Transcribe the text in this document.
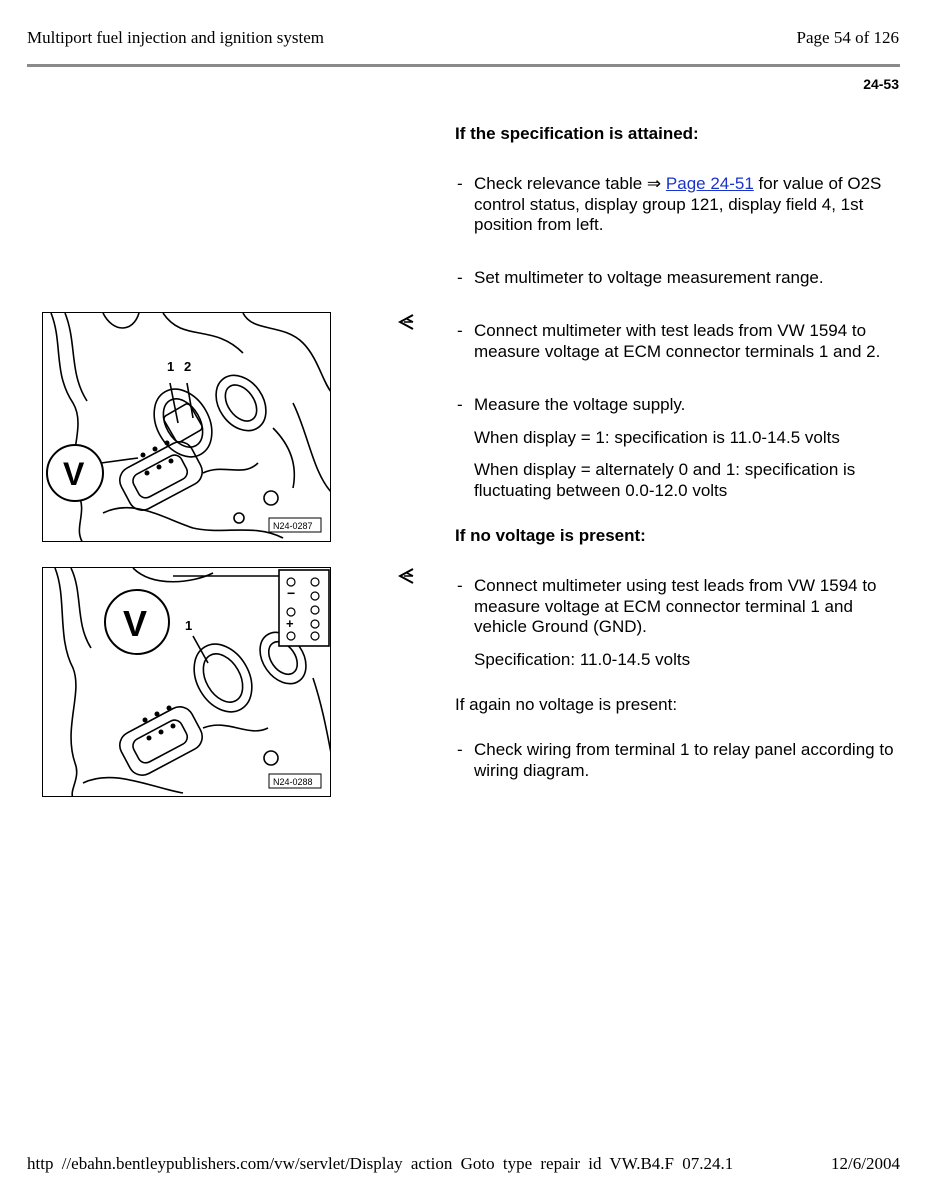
Multiport fuel injection and ignition system	Page 54 of 126
24-53
If the specification is attained:
- Check relevance table ⇒ Page 24-51 for value of O2S control status, display group 121, display field 4, 1st position from left.
- Set multimeter to voltage measurement range.
- Connect multimeter with test leads from VW 1594 to measure voltage at ECM connector terminals 1 and 2.
- Measure the voltage supply.
When display = 1: specification is 11.0-14.5 volts
When display = alternately 0 and 1: specification is fluctuating between 0.0-12.0 volts
If no voltage is present:
- Connect multimeter using test leads from VW 1594 to measure voltage at ECM connector terminal 1 and vehicle Ground (GND).
Specification: 11.0-14.5 volts
If again no voltage is present:
- Check wiring from terminal 1 to relay panel according to wiring diagram.
1 2
V
N24-0287
−
+
1
V
N24-0288
http //ebahn.bentleypublishers.com/vw/servlet/Display action Goto type repair id VW.B4.F 07.24.1	12/6/2004
